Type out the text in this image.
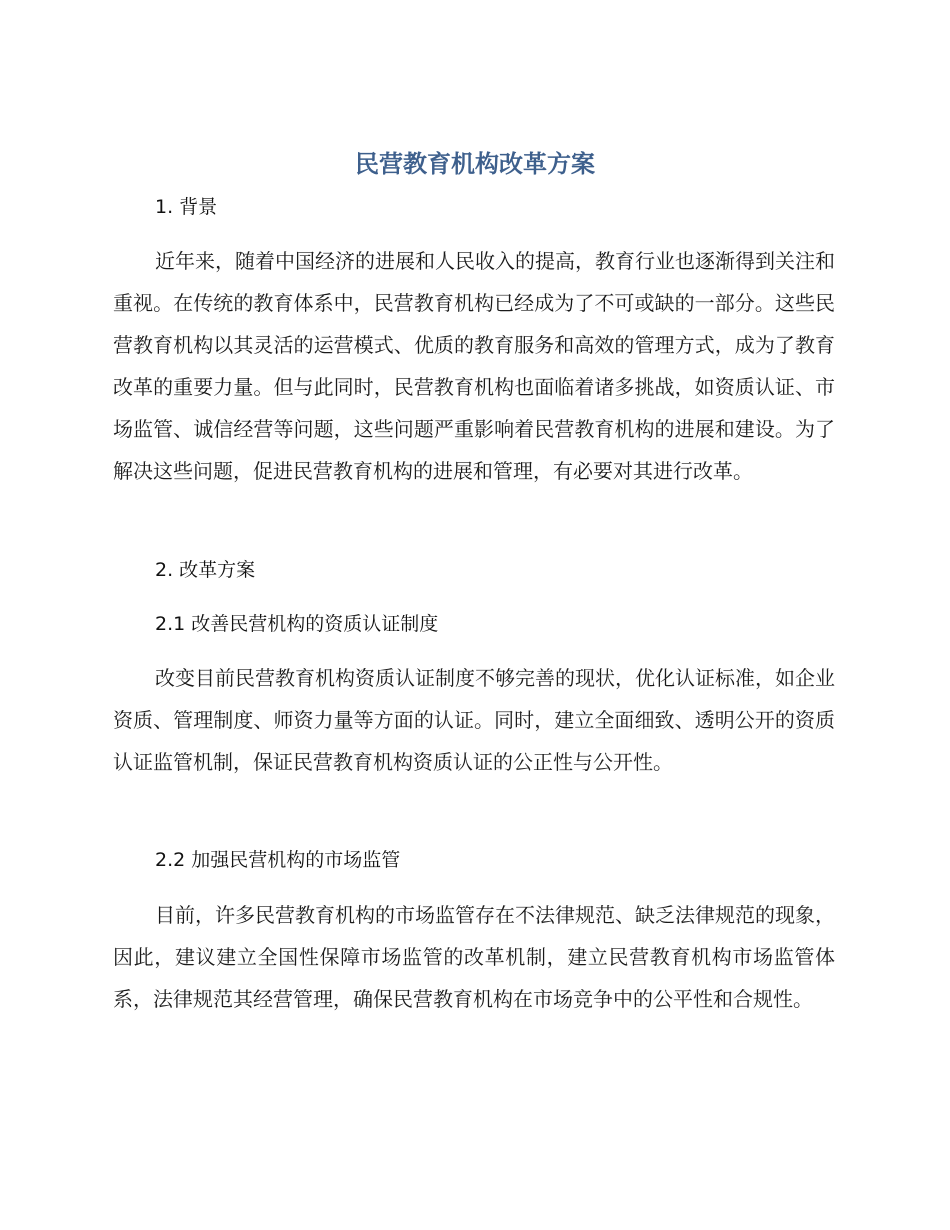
民营教育机构改革方案
1. 背景

近年来，随着中国经济的进展和人民收入的提高，教育行业也逐渐得到关注和重视。在传统的教育体系中，民营教育机构已经成为了不可或缺的一部分。这些民营教育机构以其灵活的运营模式、优质的教育服务和高效的管理方式，成为了教育改革的重要力量。但与此同时，民营教育机构也面临着诸多挑战，如资质认证、市场监管、诚信经营等问题，这些问题严重影响着民营教育机构的进展和建设。为了解决这些问题，促进民营教育机构的进展和管理，有必要对其进行改革。

2. 改革方案
2.1 改善民营机构的资质认证制度

改变目前民营教育机构资质认证制度不够完善的现状，优化认证标准，如企业资质、管理制度、师资力量等方面的认证。同时，建立全面细致、透明公开的资质认证监管机制，保证民营教育机构资质认证的公正性与公开性。

2.2 加强民营机构的市场监管

目前，许多民营教育机构的市场监管存在不法律规范、缺乏法律规范的现象，因此，建议建立全国性保障市场监管的改革机制，建立民营教育机构市场监管体系，法律规范其经营管理，确保民营教育机构在市场竞争中的公平性和合规性。
